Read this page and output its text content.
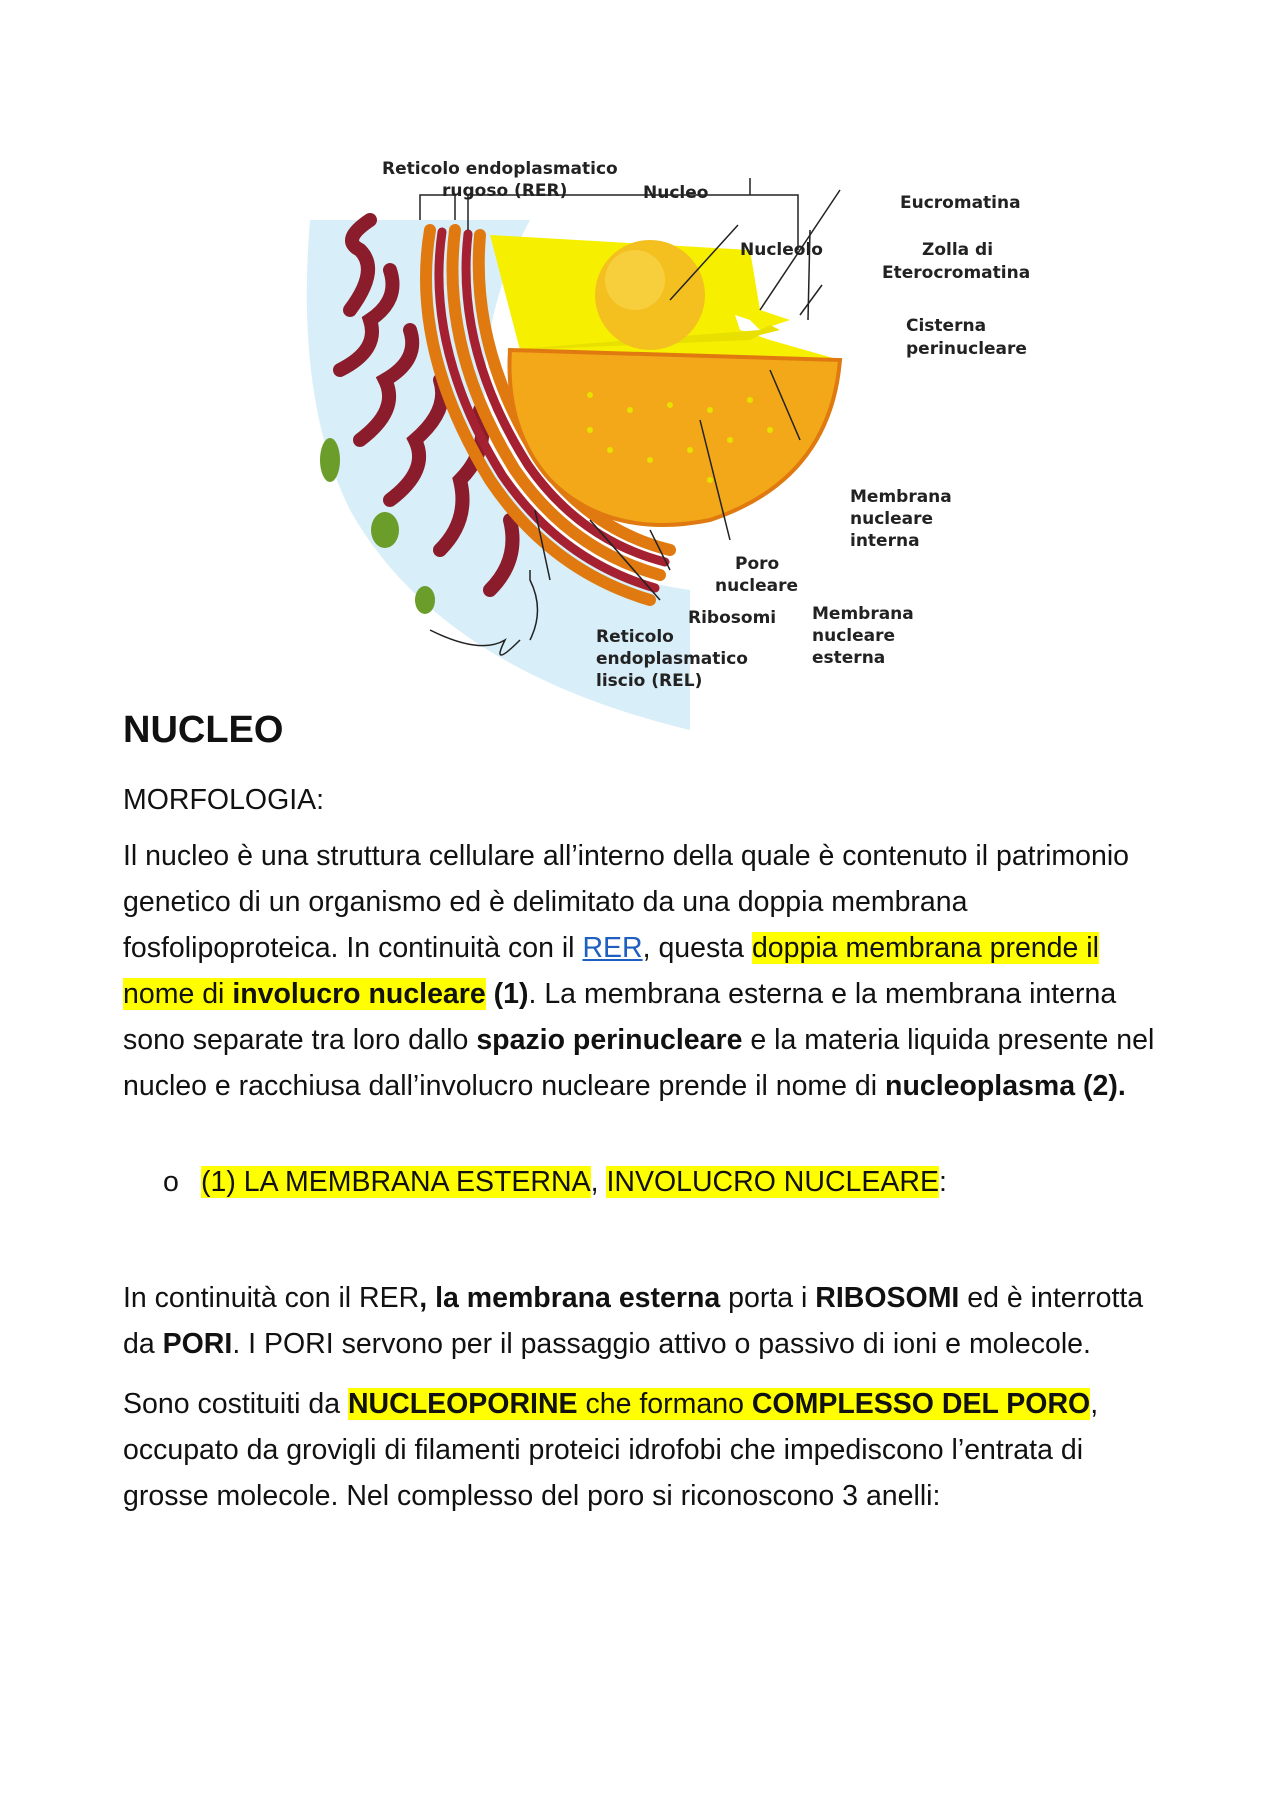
Reticolo endoplasmatico
rugoso (RER)	Nucleo	Eucromatina
Nucleolo	Zolla di
Eterocromatina
Cisterna
perinucleare
Membrana
nucleare
interna
Poro
nucleare
Ribosomi Membrana
nucleare
esterna
Reticolo
endoplasmatico
liscio (REL)
NUCLEO

MORFOLOGIA:

Il nucleo è una struttura cellulare all’interno della quale è contenuto il patrimonio genetico di un organismo ed è delimitato da una doppia membrana fosfolipoproteica. In continuità con il RER, questa doppia membrana prende il nome di involucro nucleare (1). La membrana esterna e la membrana interna sono separate tra loro dallo spazio perinucleare e la materia liquida presente nel nucleo e racchiusa dall’involucro nucleare prende il nome di nucleoplasma (2).

o (1) LA MEMBRANA ESTERNA, INVOLUCRO NUCLEARE:

In continuità con il RER, la membrana esterna porta i RIBOSOMI ed è interrotta da PORI. I PORI servono per il passaggio attivo o passivo di ioni e molecole.

Sono costituiti da NUCLEOPORINE che formano COMPLESSO DEL PORO, occupato da grovigli di filamenti proteici idrofobi che impediscono l’entrata di grosse molecole. Nel complesso del poro si riconoscono 3 anelli:
